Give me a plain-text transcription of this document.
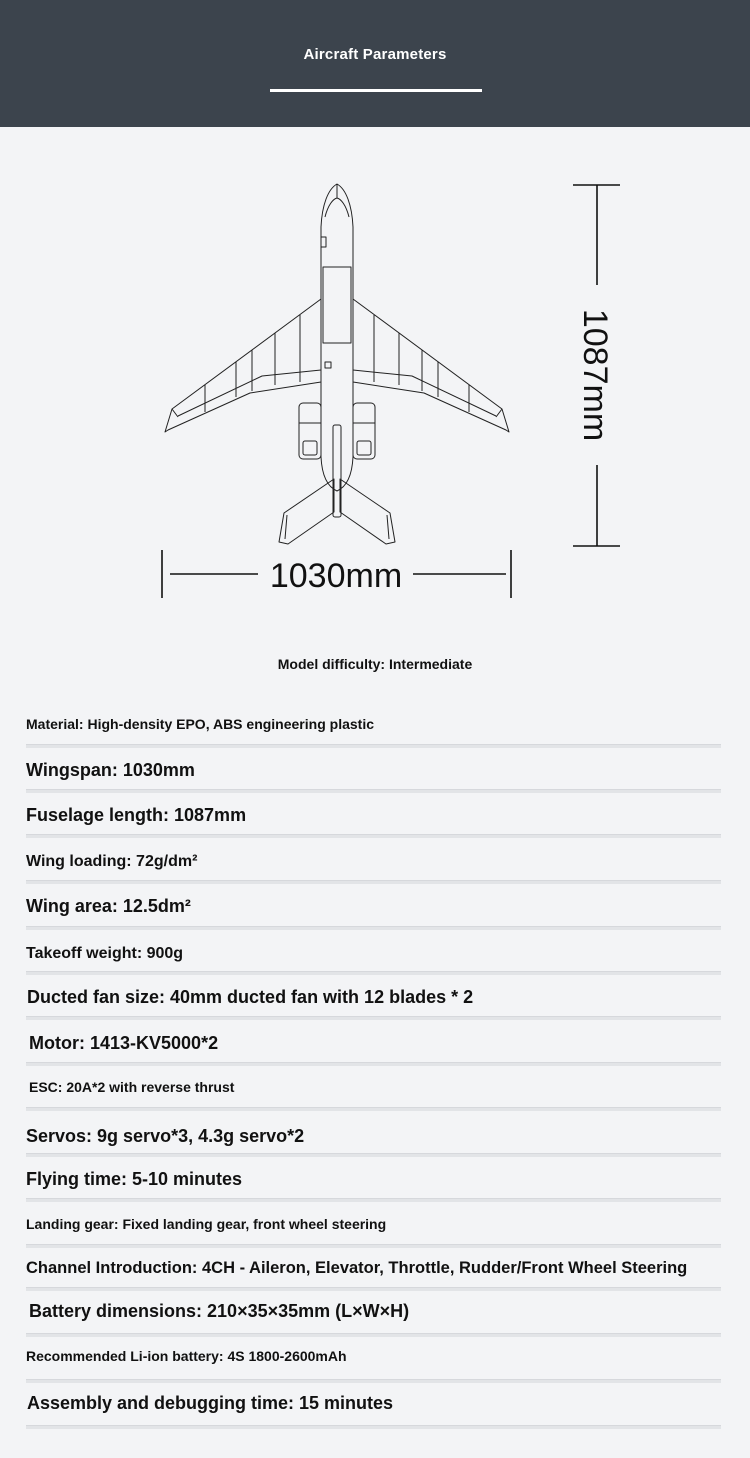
Aircraft Parameters
1030mm
1087mm
Model difficulty: Intermediate
Material: High-density EPO, ABS engineering plastic
Wingspan: 1030mm
Fuselage length: 1087mm
Wing loading: 72g/dm²
Wing area: 12.5dm²
Takeoff weight: 900g
Ducted fan size: 40mm ducted fan with 12 blades * 2
Motor: 1413-KV5000*2
ESC: 20A*2 with reverse thrust
Servos: 9g servo*3, 4.3g servo*2
Flying time: 5-10 minutes
Landing gear: Fixed landing gear, front wheel steering
Channel Introduction: 4CH - Aileron, Elevator, Throttle, Rudder/Front Wheel Steering
Battery dimensions: 210×35×35mm (L×W×H)
Recommended Li-ion battery: 4S 1800-2600mAh
Assembly and debugging time: 15 minutes
